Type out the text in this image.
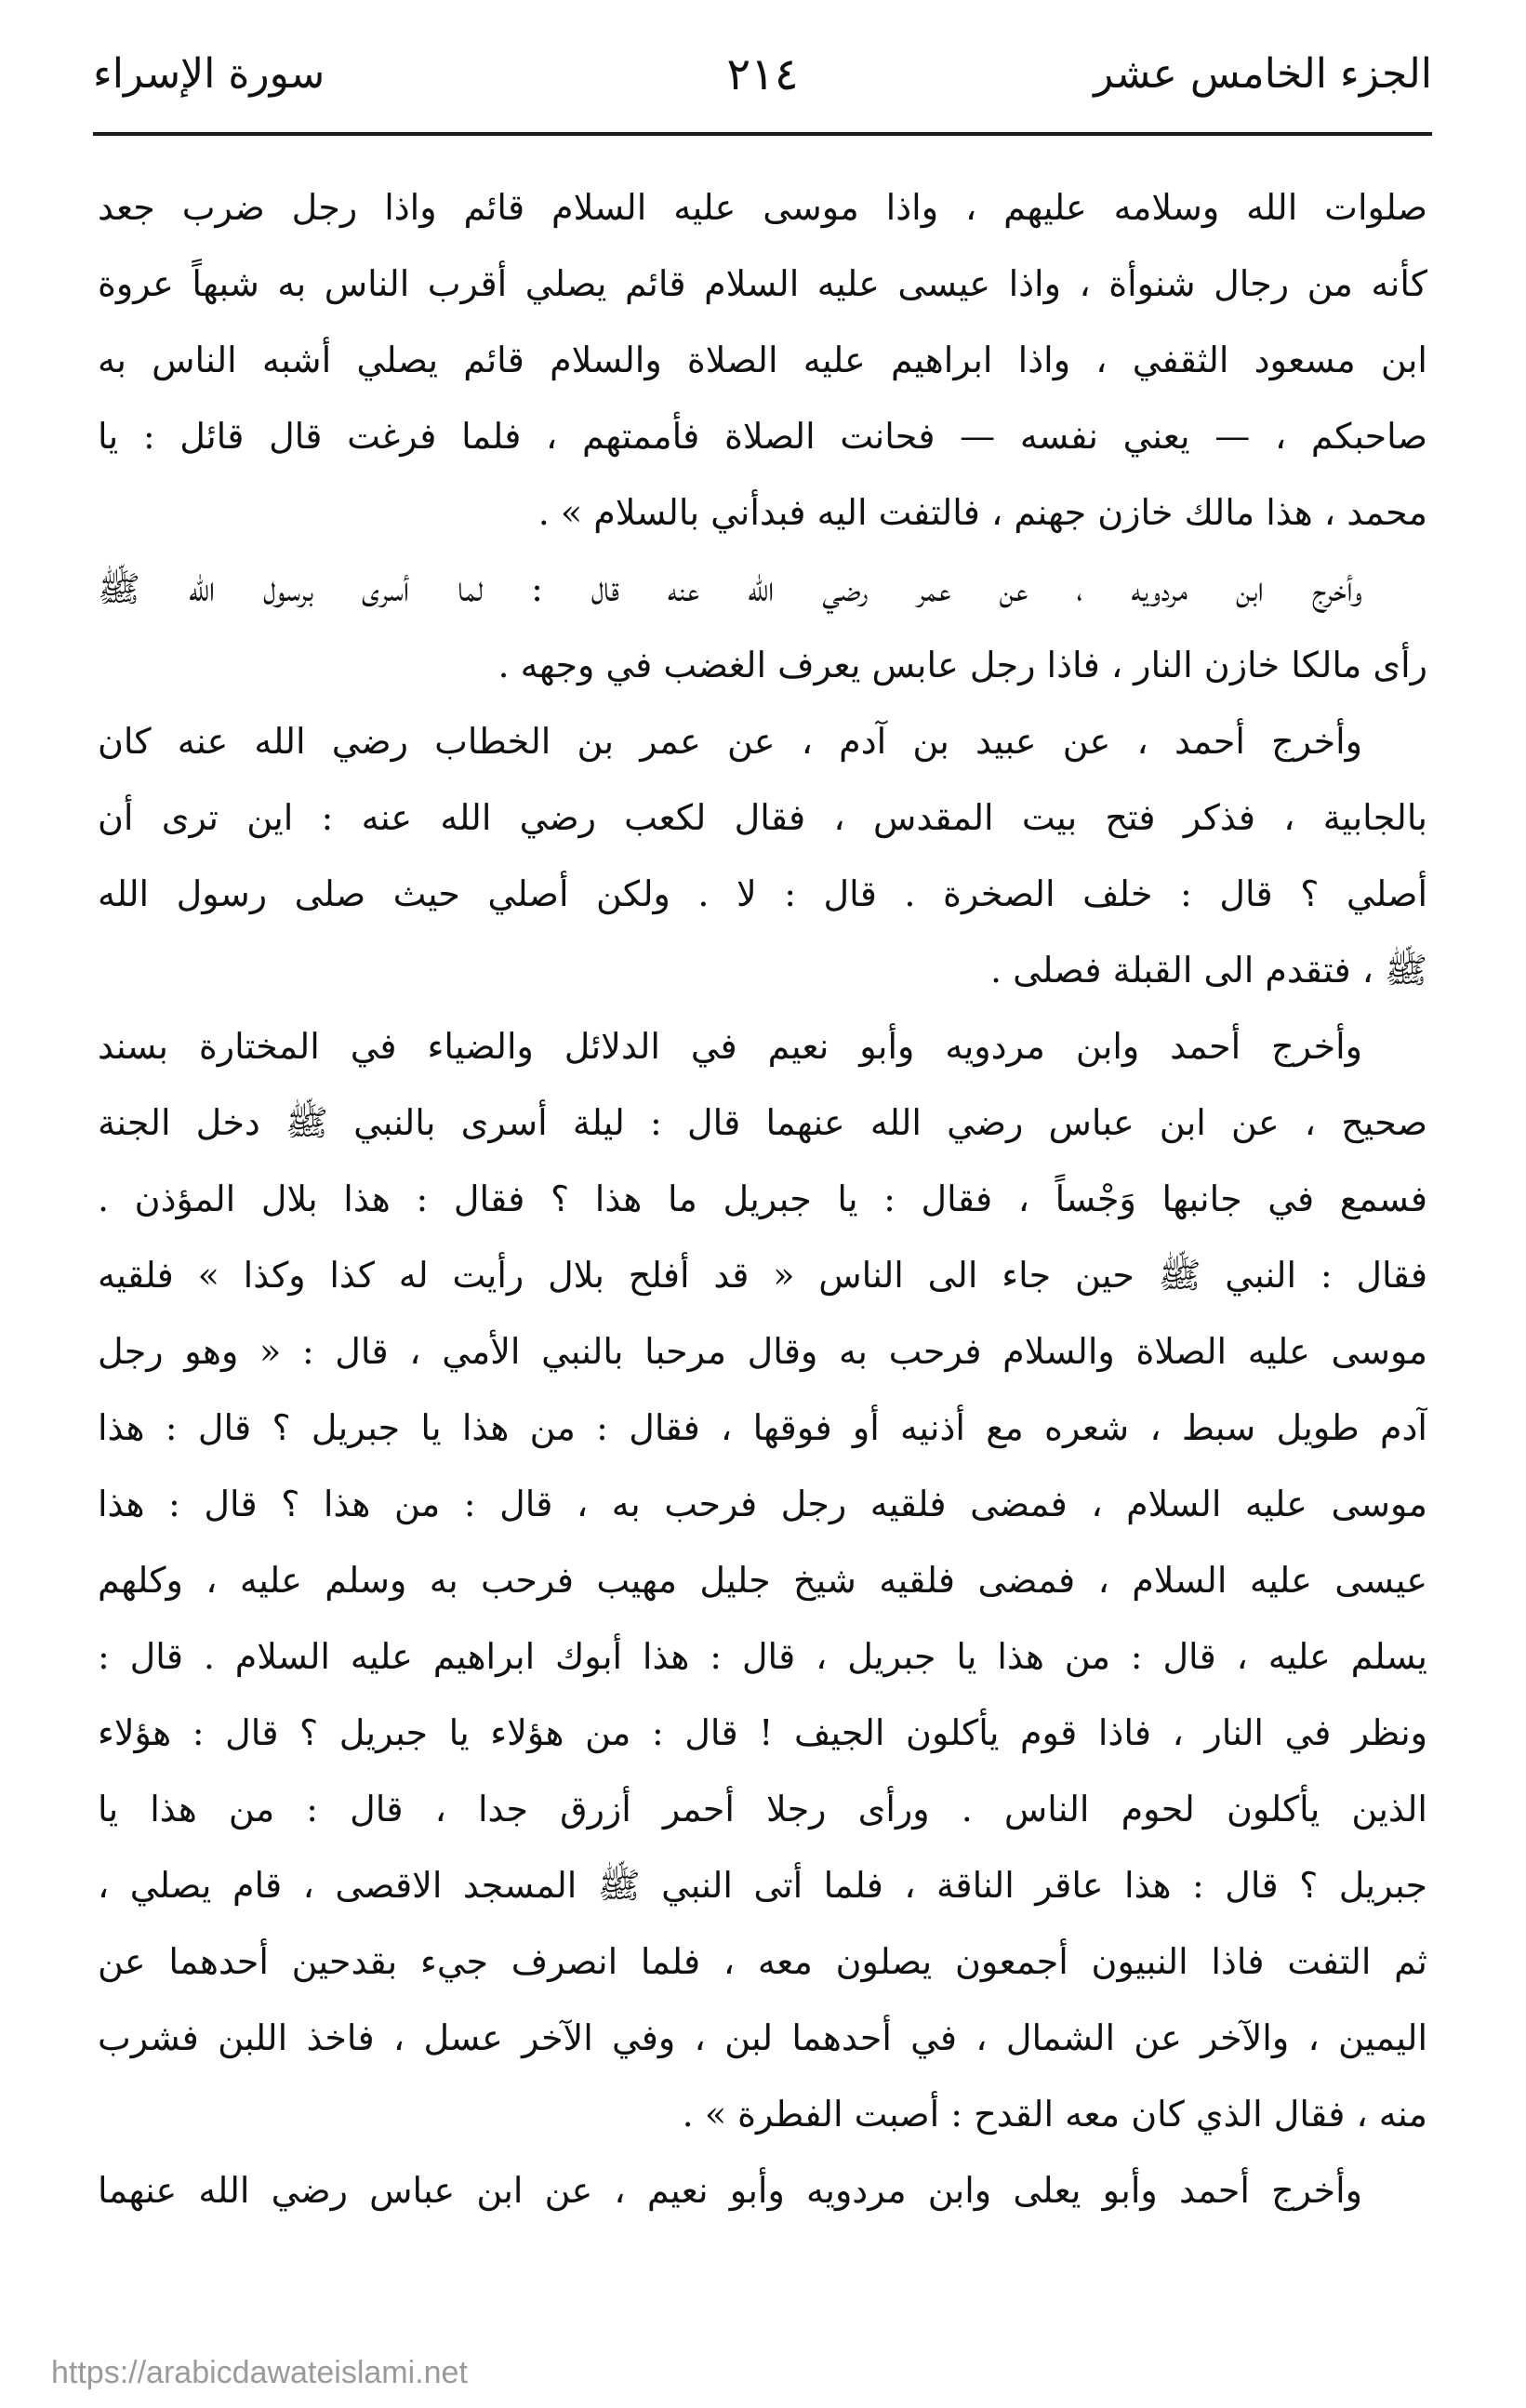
الجزء الخامس عشر
٢١٤
سورة الإسراء
صلوات الله وسلامه عليهم ، واذا موسى عليه السلام قائم واذا رجل ضرب جعد
كأنه من رجال شنوأة ، واذا عيسى عليه السلام قائم يصلي أقرب الناس به شبهاً عروة
ابن مسعود الثقفي ، واذا ابراهيم عليه الصلاة والسلام قائم يصلي أشبه الناس به
صاحبكم ، — يعني نفسه — فحانت الصلاة فأممتهم ، فلما فرغت قال قائل : يا
محمد ، هذا مالك خازن جهنم ، فالتفت اليه فبدأني بالسلام » .
وأخرج ابن مردويه ، عن عمر رضي الله عنه قال : لما أسرى برسول الله ﷺ
رأى مالكا خازن النار ، فاذا رجل عابس يعرف الغضب في وجهه .
وأخرج أحمد ، عن عبيد بن آدم ، عن عمر بن الخطاب رضي الله عنه كان
بالجابية ، فذكر فتح بيت المقدس ، فقال لكعب رضي الله عنه : اين ترى أن
أصلي ؟ قال : خلف الصخرة . قال : لا . ولكن أصلي حيث صلى رسول الله
ﷺ ، فتقدم الى القبلة فصلى .
وأخرج أحمد وابن مردويه وأبو نعيم في الدلائل والضياء في المختارة بسند
صحيح ، عن ابن عباس رضي الله عنهما قال : ليلة أسرى بالنبي ﷺ دخل الجنة
فسمع في جانبها وَجْساً ، فقال : يا جبريل ما هذا ؟ فقال : هذا بلال المؤذن .
فقال : النبي ﷺ حين جاء الى الناس « قد أفلح بلال رأيت له كذا وكذا » فلقيه
موسى عليه الصلاة والسلام فرحب به وقال مرحبا بالنبي الأمي ، قال : « وهو رجل
آدم طويل سبط ، شعره مع أذنيه أو فوقها ، فقال : من هذا يا جبريل ؟ قال : هذا
موسى عليه السلام ، فمضى فلقيه رجل فرحب به ، قال : من هذا ؟ قال : هذا
عيسى عليه السلام ، فمضى فلقيه شيخ جليل مهيب فرحب به وسلم عليه ، وكلهم
يسلم عليه ، قال : من هذا يا جبريل ، قال : هذا أبوك ابراهيم عليه السلام . قال :
ونظر في النار ، فاذا قوم يأكلون الجيف ! قال : من هؤلاء يا جبريل ؟ قال : هؤلاء
الذين يأكلون لحوم الناس . ورأى رجلا أحمر أزرق جدا ، قال : من هذا يا
جبريل ؟ قال : هذا عاقر الناقة ، فلما أتى النبي ﷺ المسجد الاقصى ، قام يصلي ،
ثم التفت فاذا النبيون أجمعون يصلون معه ، فلما انصرف جيء بقدحين أحدهما عن
اليمين ، والآخر عن الشمال ، في أحدهما لبن ، وفي الآخر عسل ، فاخذ اللبن فشرب
منه ، فقال الذي كان معه القدح : أصبت الفطرة » .
وأخرج أحمد وأبو يعلى وابن مردويه وأبو نعيم ، عن ابن عباس رضي الله عنهما
https://arabicdawateislami.net
